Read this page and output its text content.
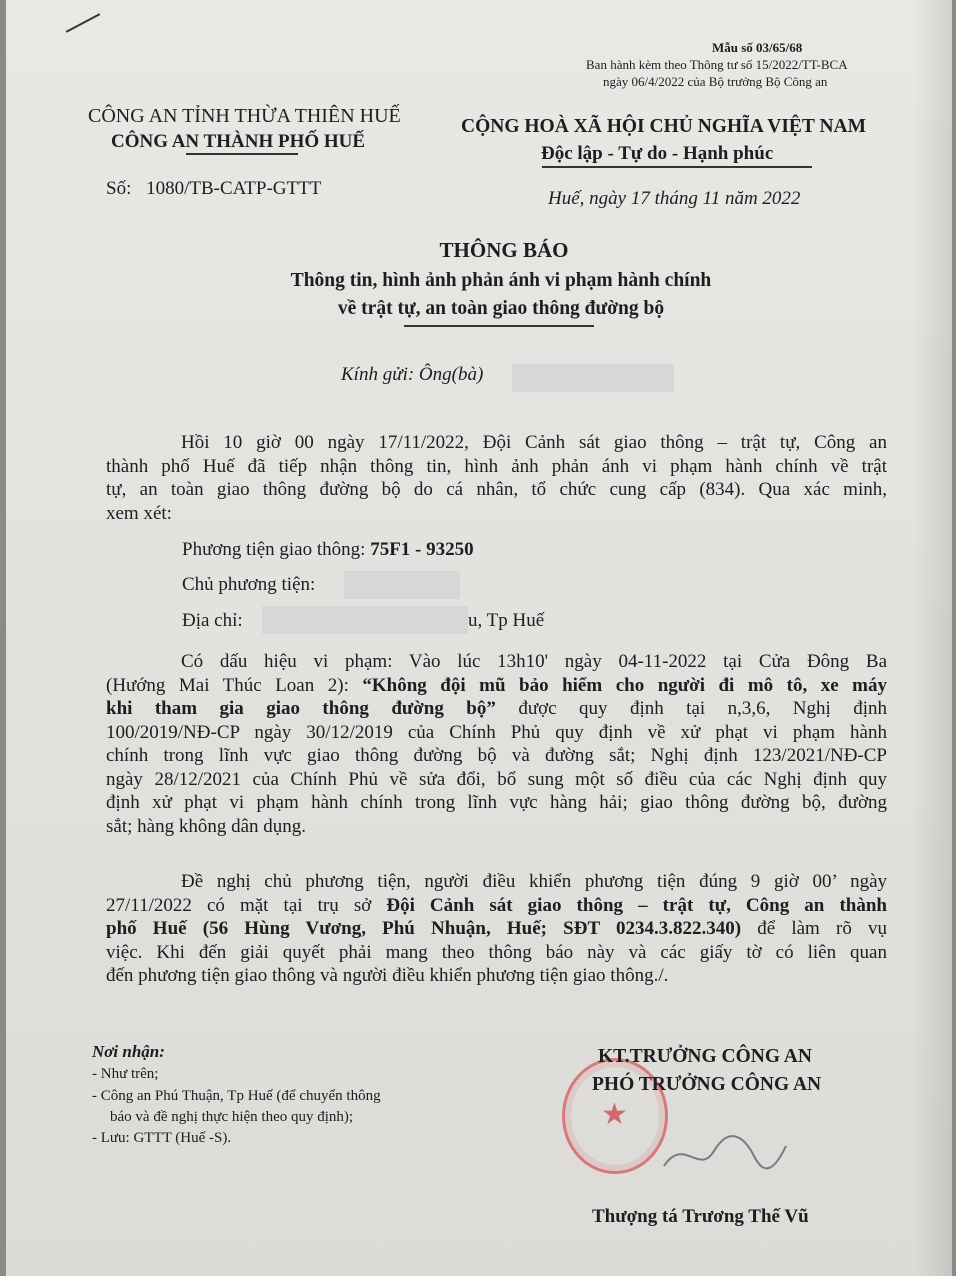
Mẫu số 03/65/68
Ban hành kèm theo Thông tư số 15/2022/TT-BCA
ngày 06/4/2022 của Bộ trưởng Bộ Công an
CÔNG AN TỈNH THỪA THIÊN HUẾ
CÔNG AN THÀNH PHỐ HUẾ
Số: 1080/TB-CATP-GTTT
CỘNG HOÀ XÃ HỘI CHỦ NGHĨA VIỆT NAM
Độc lập - Tự do - Hạnh phúc
Huế, ngày 17 tháng 11 năm 2022
THÔNG BÁO
Thông tin, hình ảnh phản ánh vi phạm hành chính
về trật tự, an toàn giao thông đường bộ
Kính gửi: Ông(bà)
Hồi 10 giờ 00 ngày 17/11/2022, Đội Cảnh sát giao thông – trật tự, Công an
thành phố Huế đã tiếp nhận thông tin, hình ảnh phản ánh vi phạm hành chính về trật
tự, an toàn giao thông đường bộ do cá nhân, tổ chức cung cấp (834). Qua xác minh,
xem xét:
Phương tiện giao thông: 75F1 - 93250
Chủ phương tiện:
Địa chỉ:	u, Tp Huế
Có dấu hiệu vi phạm: Vào lúc 13h10' ngày 04-11-2022 tại Cửa Đông Ba
(Hướng Mai Thúc Loan 2): “Không đội mũ bảo hiểm cho người đi mô tô, xe máy
khi tham gia giao thông đường bộ” được quy định tại n,3,6, Nghị định
100/2019/NĐ-CP ngày 30/12/2019 của Chính Phủ quy định về xử phạt vi phạm hành
chính trong lĩnh vực giao thông đường bộ và đường sắt; Nghị định 123/2021/NĐ-CP
ngày 28/12/2021 của Chính Phủ về sửa đổi, bổ sung một số điều của các Nghị định quy
định xử phạt vi phạm hành chính trong lĩnh vực hàng hải; giao thông đường bộ, đường
sắt; hàng không dân dụng.
Đề nghị chủ phương tiện, người điều khiển phương tiện đúng 9 giờ 00’ ngày
27/11/2022 có mặt tại trụ sở Đội Cảnh sát giao thông – trật tự, Công an thành
phố Huế (56 Hùng Vương, Phú Nhuận, Huế; SĐT 0234.3.822.340) để làm rõ vụ
việc. Khi đến giải quyết phải mang theo thông báo này và các giấy tờ có liên quan
đến phương tiện giao thông và người điều khiển phương tiện giao thông./.
Nơi nhận:
- Như trên;
- Công an Phú Thuận, Tp Huế (để chuyển thông
báo và đề nghị thực hiện theo quy định);
- Lưu: GTTT (Huế -S).
★
KT.TRƯỞNG CÔNG AN
PHÓ TRƯỞNG CÔNG AN
Thượng tá Trương Thế Vũ
